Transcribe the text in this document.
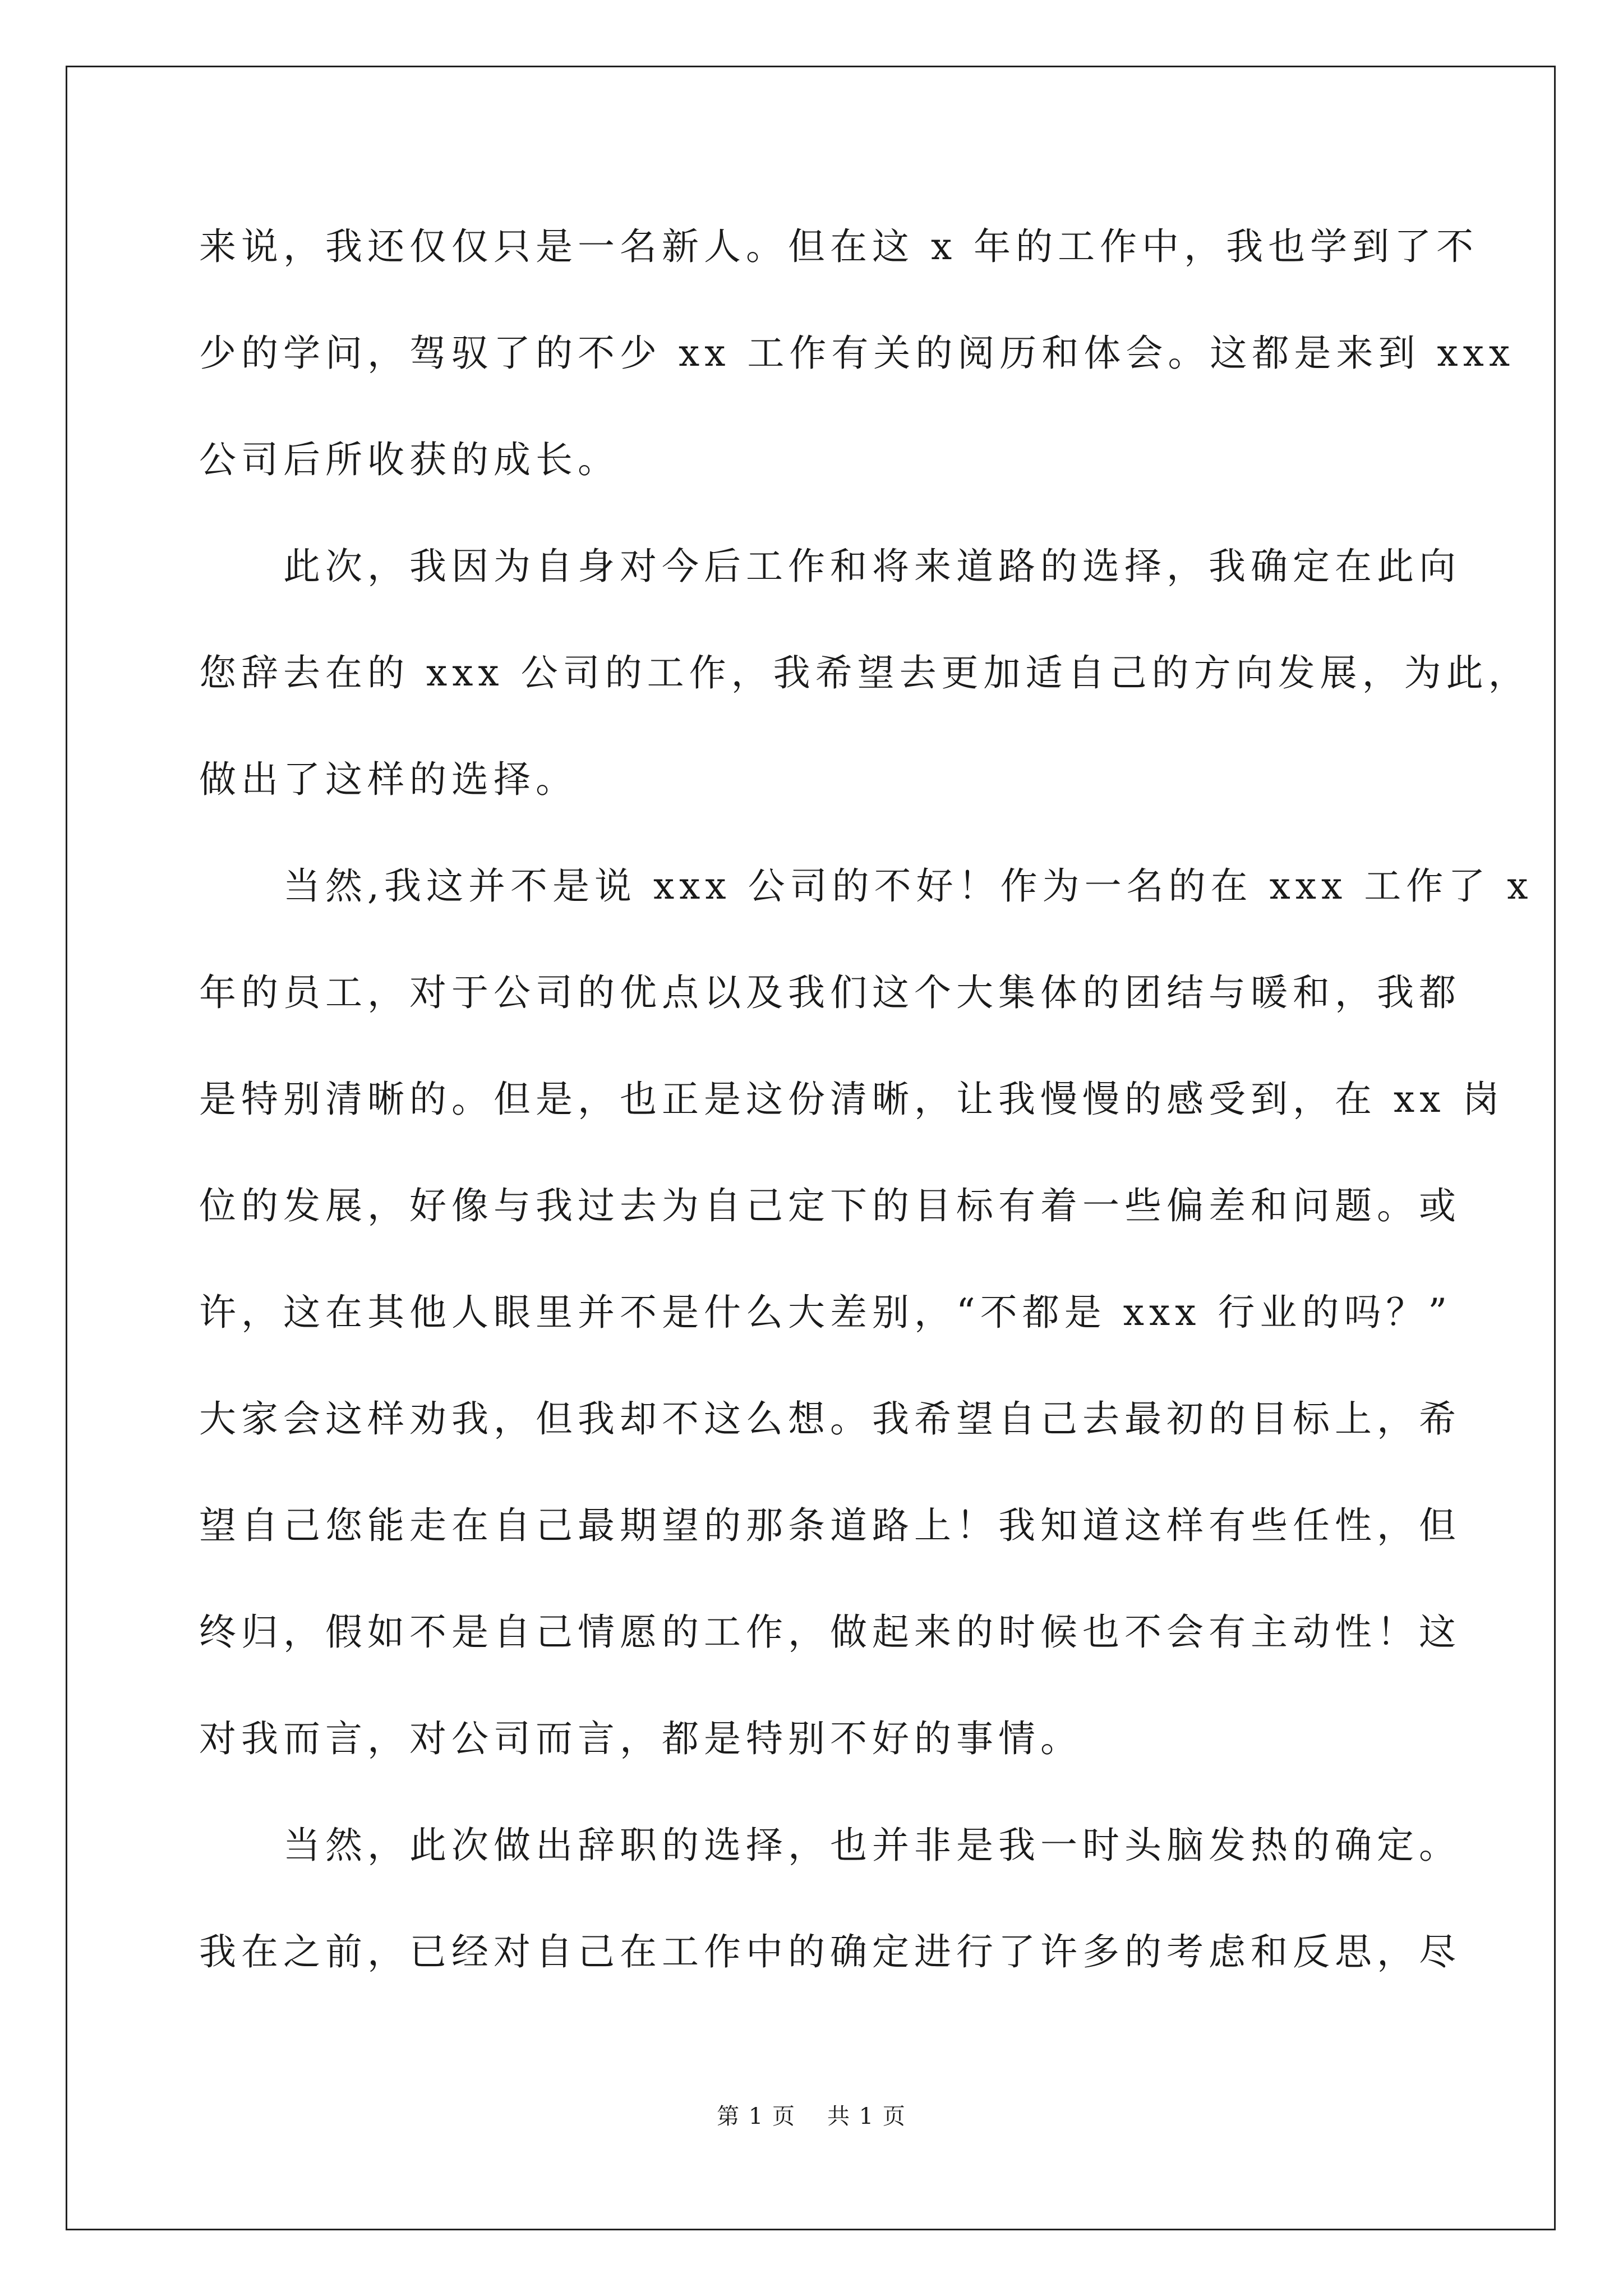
来说，我还仅仅只是一名新人。但在这 x 年的工作中，我也学到了不
少的学问，驾驭了的不少 xx 工作有关的阅历和体会。这都是来到 xxx
公司后所收获的成长。
　　此次，我因为自身对今后工作和将来道路的选择，我确定在此向
您辞去在的 xxx 公司的工作，我希望去更加适自己的方向发展，为此，
做出了这样的选择。
　　当然,我这并不是说 xxx 公司的不好！作为一名的在 xxx 工作了 x
年的员工，对于公司的优点以及我们这个大集体的团结与暖和，我都
是特别清晰的。但是，也正是这份清晰，让我慢慢的感受到，在 xx 岗
位的发展，好像与我过去为自己定下的目标有着一些偏差和问题。或
许，这在其他人眼里并不是什么大差别，“不都是 xxx 行业的吗？”
大家会这样劝我，但我却不这么想。我希望自己去最初的目标上，希
望自己您能走在自己最期望的那条道路上！我知道这样有些任性，但
终归，假如不是自己情愿的工作，做起来的时候也不会有主动性！这
对我而言，对公司而言，都是特别不好的事情。
　　当然，此次做出辞职的选择，也并非是我一时头脑发热的确定。
我在之前，已经对自己在工作中的确定进行了许多的考虑和反思，尽
第 1 页 共 1 页
